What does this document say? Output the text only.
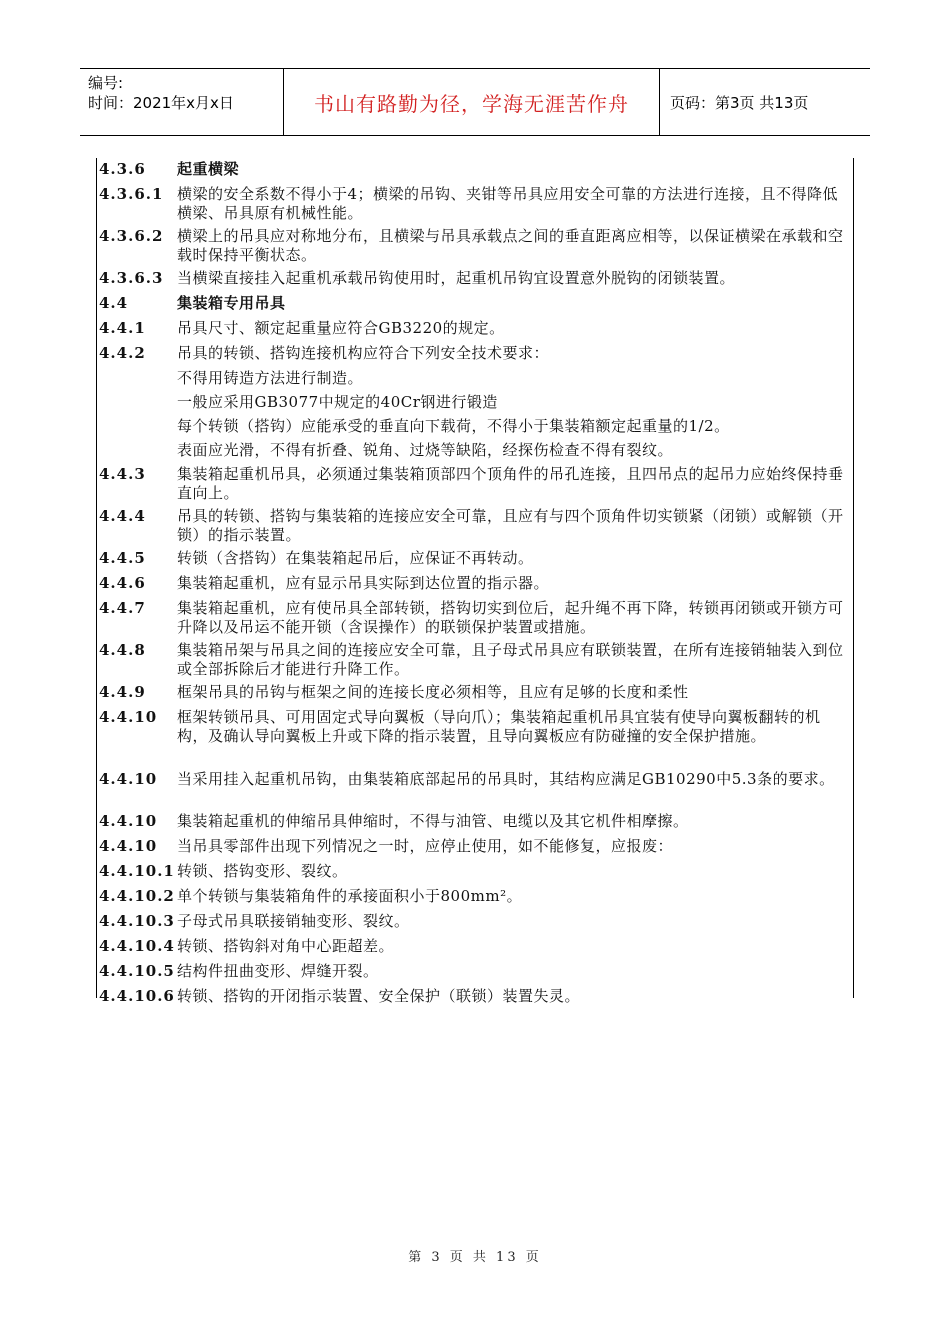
编号:
时间：2021年x月x日	书山有路勤为径，学海无涯苦作舟	页码：第3页 共13页
4.3.6	起重横梁
4.3.6.1 横梁的安全系数不得小于4；横梁的吊钩、夹钳等吊具应用安全可靠的方法进行连接，且不得降低横梁、吊具原有机械性能。
4.3.6.2 横梁上的吊具应对称地分布，且横梁与吊具承载点之间的垂直距离应相等，以保证横梁在承载和空载时保持平衡状态。
4.3.6.3 当横梁直接挂入起重机承载吊钩使用时，起重机吊钩宜设置意外脱钩的闭锁装置。
4.4	集装箱专用吊具
4.4.1	吊具尺寸、额定起重量应符合GB3220的规定。
4.4.2	吊具的转锁、搭钩连接机构应符合下列安全技术要求：
不得用铸造方法进行制造。
一般应采用GB3077中规定的40Cr钢进行锻造
每个转锁（搭钩）应能承受的垂直向下载荷，不得小于集装箱额定起重量的1/2。
表面应光滑，不得有折叠、锐角、过烧等缺陷，经探伤检查不得有裂纹。
4.4.3	集装箱起重机吊具，必须通过集装箱顶部四个顶角件的吊孔连接，且四吊点的起吊力应始终保持垂直向上。
4.4.4	吊具的转锁、搭钩与集装箱的连接应安全可靠，且应有与四个顶角件切实锁紧（闭锁）或解锁（开锁）的指示装置。
4.4.5	转锁（含搭钩）在集装箱起吊后，应保证不再转动。
4.4.6	集装箱起重机，应有显示吊具实际到达位置的指示器。
4.4.7	集装箱起重机，应有使吊具全部转锁，搭钩切实到位后，起升绳不再下降，转锁再闭锁或开锁方可升降以及吊运不能开锁（含误操作）的联锁保护装置或措施。
4.4.8	集装箱吊架与吊具之间的连接应安全可靠，且子母式吊具应有联锁装置，在所有连接销轴装入到位或全部拆除后才能进行升降工作。
4.4.9	框架吊具的吊钩与框架之间的连接长度必须相等，且应有足够的长度和柔性
4.4.10	框架转锁吊具、可用固定式导向翼板（导向爪）；集装箱起重机吊具宜装有使导向翼板翻转的机构，及确认导向翼板上升或下降的指示装置，且导向翼板应有防碰撞的安全保护措施。
4.4.10	当采用挂入起重机吊钩，由集装箱底部起吊的吊具时，其结构应满足GB10290中5.3条的要求。
4.4.10	集装箱起重机的伸缩吊具伸缩时，不得与油管、电缆以及其它机件相摩擦。
4.4.10	当吊具零部件出现下列情况之一时，应停止使用，如不能修复，应报废：
4.4.10.1 转锁、搭钩变形、裂纹。
4.4.10.2 单个转锁与集装箱角件的承接面积小于800mm²。
4.4.10.3 子母式吊具联接销轴变形、裂纹。
4.4.10.4 转锁、搭钩斜对角中心距超差。
4.4.10.5 结构件扭曲变形、焊缝开裂。
4.4.10.6 转锁、搭钩的开闭指示装置、安全保护（联锁）装置失灵。
第 3 页 共 13 页
